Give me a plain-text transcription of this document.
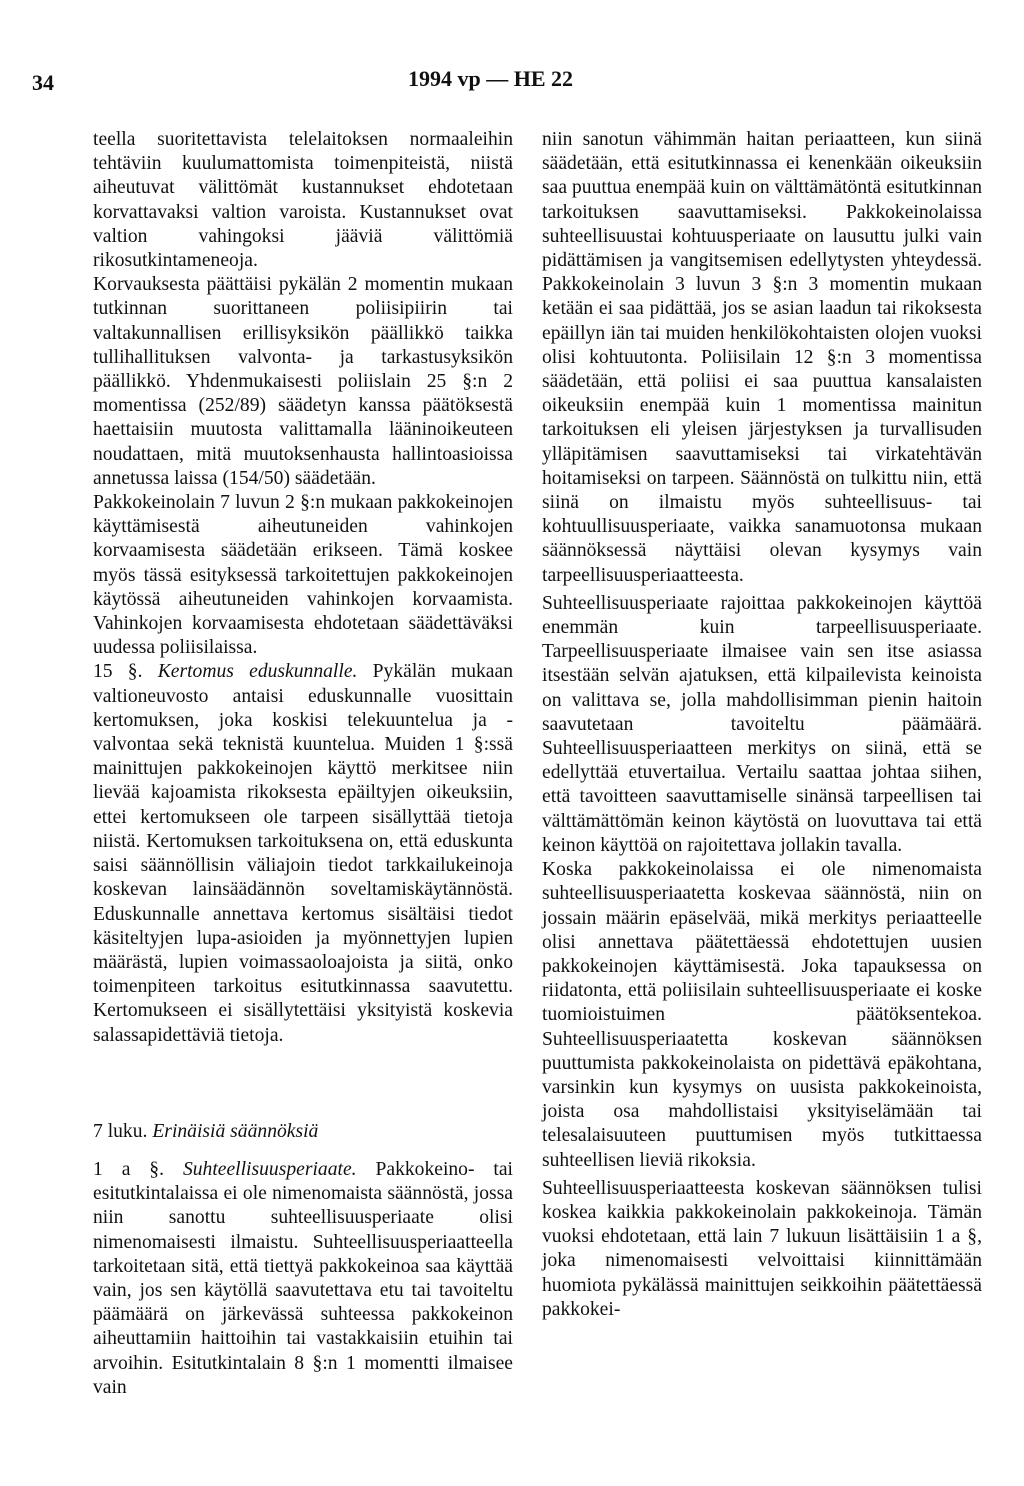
34	1994 vp — HE 22

teella suoritettavista telelaitoksen normaaleihin tehtäviin kuulumattomista toimenpiteistä, niistä aiheutuvat välittömät kustannukset ehdotetaan korvattavaksi valtion varoista. Kustannukset ovat valtion vahingoksi jääviä välittömiä rikosutkintameneoja.

Korvauksesta päättäisi pykälän 2 momentin mukaan tutkinnan suorittaneen poliisipiirin tai valtakunnallisen erillisyksikön päällikkö taikka tullihallituksen valvonta- ja tarkastusyksikön päällikkö. Yhdenmukaisesti poliislain 25 §:n 2 momentissa (252/89) säädetyn kanssa päätöksestä haettaisiin muutosta valittamalla lääninoikeuteen noudattaen, mitä muutoksenhausta hallintoasioissa annetussa laissa (154/50) säädetään.

Pakkokeinolain 7 luvun 2 §:n mukaan pakkokeinojen käyttämisestä aiheutuneiden vahinkojen korvaamisesta säädetään erikseen. Tämä koskee myös tässä esityksessä tarkoitettujen pakkokeinojen käytössä aiheutuneiden vahinkojen korvaamista. Vahinkojen korvaamisesta ehdotetaan säädettäväksi uudessa poliisilaissa.

15 §. Kertomus eduskunnalle. Pykälän mukaan valtioneuvosto antaisi eduskunnalle vuosittain kertomuksen, joka koskisi telekuuntelua ja -valvontaa sekä teknistä kuuntelua. Muiden 1 §:ssä mainittujen pakkokeinojen käyttö merkitsee niin lievää kajoamista rikoksesta epäiltyjen oikeuksiin, ettei kertomukseen ole tarpeen sisällyttää tietoja niistä. Kertomuksen tarkoituksena on, että eduskunta saisi säännöllisin väliajoin tiedot tarkkailukeinoja koskevan lainsäädännön soveltamiskäytännöstä. Eduskunnalle annettava kertomus sisältäisi tiedot käsiteltyjen lupa-asioiden ja myönnettyjen lupien määrästä, lupien voimassaoloajoista ja siitä, onko toimenpiteen tarkoitus esitutkinnassa saavutettu. Kertomukseen ei sisällytettäisi yksityistä koskevia salassapidettäviä tietoja.

7 luku. Erinäisiä säännöksiä

1 a §. Suhteellisuusperiaate. Pakkokeino- tai esitutkintalaissa ei ole nimenomaista säännöstä, jossa niin sanottu suhteellisuusperiaate olisi nimenomaisesti ilmaistu. Suhteellisuusperiaatteella tarkoitetaan sitä, että tiettyä pakkokeinoa saa käyttää vain, jos sen käytöllä saavutettava etu tai tavoiteltu päämäärä on järkevässä suhteessa pakkokeinon aiheuttamiin haittoihin tai vastakkaisiin etuihin tai arvoihin. Esitutkintalain 8 §:n 1 momentti ilmaisee vain

niin sanotun vähimmän haitan periaatteen, kun siinä säädetään, että esitutkinnassa ei kenenkään oikeuksiin saa puuttua enempää kuin on välttämätöntä esitutkinnan tarkoituksen saavuttamiseksi. Pakkokeinolaissa suhteellisuustai kohtuusperiaate on lausuttu julki vain pidättämisen ja vangitsemisen edellytysten yhteydessä. Pakkokeinolain 3 luvun 3 §:n 3 momentin mukaan ketään ei saa pidättää, jos se asian laadun tai rikoksesta epäillyn iän tai muiden henkilökohtaisten olojen vuoksi olisi kohtuutonta. Poliisilain 12 §:n 3 momentissa säädetään, että poliisi ei saa puuttua kansalaisten oikeuksiin enempää kuin 1 momentissa mainitun tarkoituksen eli yleisen järjestyksen ja turvallisuden ylläpitämisen saavuttamiseksi tai virkatehtävän hoitamiseksi on tarpeen. Säännöstä on tulkittu niin, että siinä on ilmaistu myös suhteellisuus- tai kohtuullisuusperiaate, vaikka sanamuotonsa mukaan säännöksessä näyttäisi olevan kysymys vain tarpeellisuusperiaatteesta.

Suhteellisuusperiaate rajoittaa pakkokeinojen käyttöä enemmän kuin tarpeellisuusperiaate. Tarpeellisuusperiaate ilmaisee vain sen itse asiassa itsestään selvän ajatuksen, että kilpailevista keinoista on valittava se, jolla mahdollisimman pienin haitoin saavutetaan tavoiteltu päämäärä. Suhteellisuusperiaatteen merkitys on siinä, että se edellyttää etuvertailua. Vertailu saattaa johtaa siihen, että tavoitteen saavuttamiselle sinänsä tarpeellisen tai välttämättömän keinon käytöstä on luovuttava tai että keinon käyttöä on rajoitettava jollakin tavalla.

Koska pakkokeinolaissa ei ole nimenomaista suhteellisuusperiaatetta koskevaa säännöstä, niin on jossain määrin epäselvää, mikä merkitys periaatteelle olisi annettava päätettäessä ehdotettujen uusien pakkokeinojen käyttämisestä. Joka tapauksessa on riidatonta, että poliisilain suhteellisuusperiaate ei koske tuomioistuimen päätöksentekoa. Suhteellisuusperiaatetta koskevan säännöksen puuttumista pakkokeinolaista on pidettävä epäkohtana, varsinkin kun kysymys on uusista pakkokeinoista, joista osa mahdollistaisi yksityiselämään tai telesalaisuuteen puuttumisen myös tutkittaessa suhteellisen lieviä rikoksia.

Suhteellisuusperiaatteesta koskevan säännöksen tulisi koskea kaikkia pakkokeinolain pakkokeinoja. Tämän vuoksi ehdotetaan, että lain 7 lukuun lisättäisiin 1 a §, joka nimenomaisesti velvoittaisi kiinnittämään huomiota pykälässä mainittujen seikkoihin päätettäessä pakkokei-
